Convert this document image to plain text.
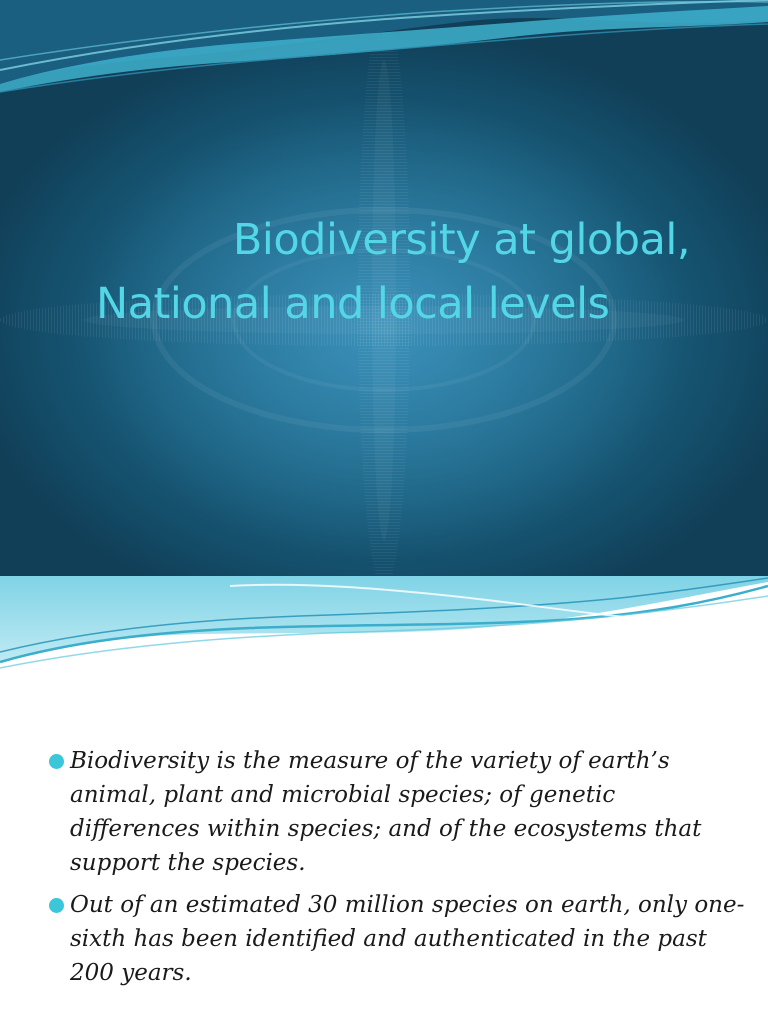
Biodiversity at global,
National and local levels
Biodiversity is the measure of the variety of earth’s animal, plant and microbial species; of genetic differences within species; and of the ecosystems that support the species.
Out of an estimated 30 million species on earth, only one-sixth has been identified and authenticated in the past 200 years.
